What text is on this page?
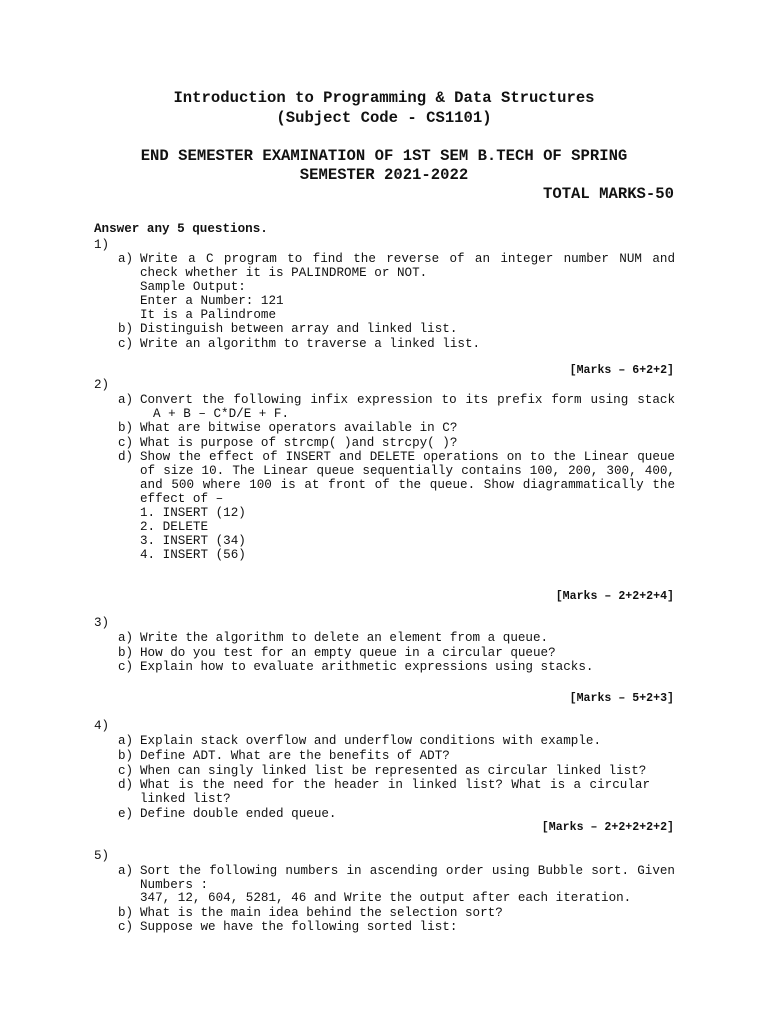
Introduction to Programming & Data Structures
(Subject Code - CS1101)
END SEMESTER EXAMINATION OF 1ST SEM B.TECH OF SPRING
SEMESTER 2021-2022
TOTAL MARKS-50
Answer any 5 questions.
1)
a) Write a C program to find the reverse of an integer number NUM and
check whether it is PALINDROME or NOT.
Sample Output:
Enter a Number: 121
It is a Palindrome
b) Distinguish between array and linked list.
c) Write an algorithm to traverse a linked list.
[Marks – 6+2+2]
2)
a) Convert the following infix expression to its prefix form using stack
A + B – C*D/E + F.
b) What are bitwise operators available in C?
c) What is purpose of strcmp( )and strcpy( )?
d) Show the effect of INSERT and DELETE operations on to the Linear queue
of size 10. The Linear queue sequentially contains 100, 200, 300, 400,
and 500 where 100 is at front of the queue. Show diagrammatically the
effect of –
1. INSERT (12)
2. DELETE
3. INSERT (34)
4. INSERT (56)
[Marks – 2+2+2+4]
3)
a) Write the algorithm to delete an element from a queue.
b) How do you test for an empty queue in a circular queue?
c) Explain how to evaluate arithmetic expressions using stacks.
[Marks – 5+2+3]
4)
a) Explain stack overflow and underflow conditions with example.
b) Define ADT. What are the benefits of ADT?
c) When can singly linked list be represented as circular linked list?
d) What is the need for the header in linked list? What is a circular
linked list?
e) Define double ended queue.
[Marks – 2+2+2+2+2]
5)
a) Sort the following numbers in ascending order using Bubble sort. Given
Numbers :
347, 12, 604, 5281, 46 and Write the output after each iteration.
b) What is the main idea behind the selection sort?
c) Suppose we have the following sorted list:
